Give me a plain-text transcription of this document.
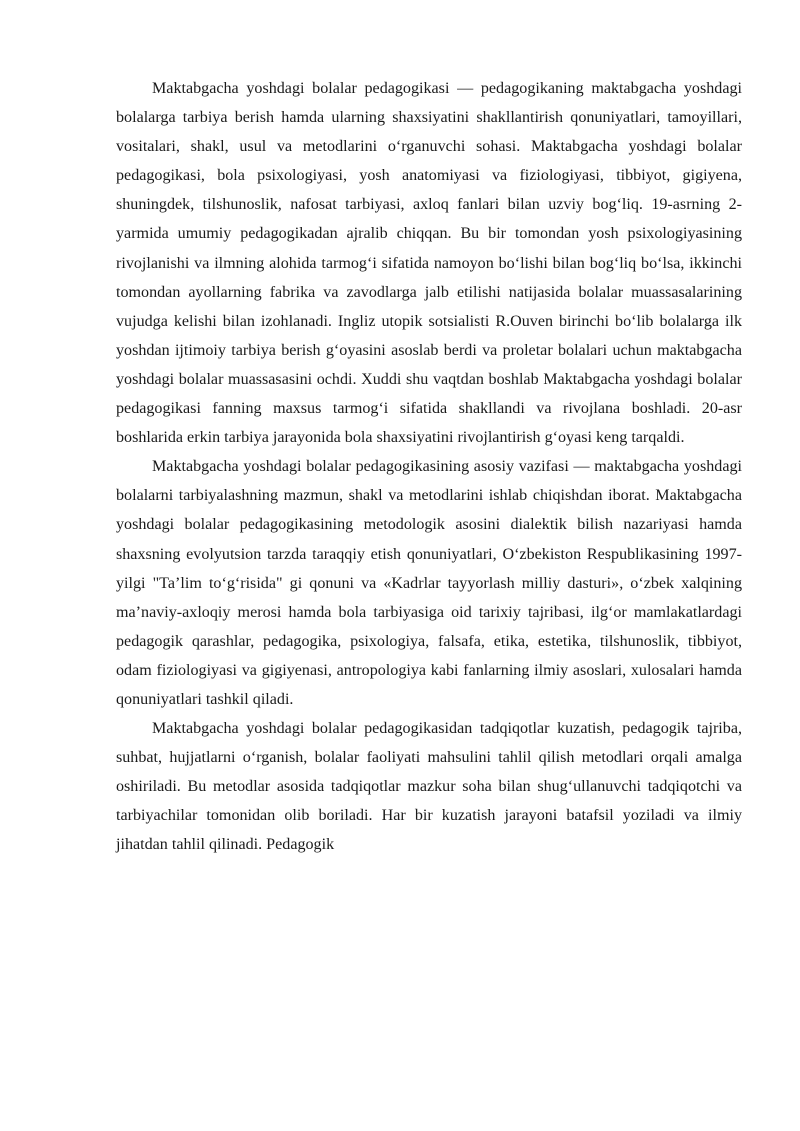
Maktabgacha yoshdagi bolalar pedagogikasi — pedagogikaning maktabgacha yoshdagi bolalarga tarbiya berish hamda ularning shaxsiyatini shakllantirish qonuniyatlari, tamoyillari, vositalari, shakl, usul va metodlarini o‘rganuvchi sohasi. Maktabgacha yoshdagi bolalar pedagogikasi, bola psixologiyasi, yosh anatomiyasi va fiziologiyasi, tibbiyot, gigiyena, shuningdek, tilshunoslik, nafosat tarbiyasi, axloq fanlari bilan uzviy bog‘liq. 19-asrning 2-yarmida umumiy pedagogikadan ajralib chiqqan. Bu bir tomondan yosh psixologiyasining rivojlanishi va ilmning alohida tarmog‘i sifatida namoyon bo‘lishi bilan bog‘liq bo‘lsa, ikkinchi tomondan ayollarning fabrika va zavodlarga jalb etilishi natijasida bolalar muassasalarining vujudga kelishi bilan izohlanadi. Ingliz utopik sotsialisti R.Ouven birinchi bo‘lib bolalarga ilk yoshdan ijtimoiy tarbiya berish g‘oyasini asoslab berdi va proletar bolalari uchun maktabgacha yoshdagi bolalar muassasasini ochdi. Xuddi shu vaqtdan boshlab Maktabgacha yoshdagi bolalar pedagogikasi fanning maxsus tarmog‘i sifatida shakllandi va rivojlana boshladi. 20-asr boshlarida erkin tarbiya jarayonida bola shaxsiyatini rivojlantirish g‘oyasi keng tarqaldi.

Maktabgacha yoshdagi bolalar pedagogikasining asosiy vazifasi — maktabgacha yoshdagi bolalarni tarbiyalashning mazmun, shakl va metodlarini ishlab chiqishdan iborat. Maktabgacha yoshdagi bolalar pedagogikasining metodologik asosini dialektik bilish nazariyasi hamda shaxsning evolyutsion tarzda taraqqiy etish qonuniyatlari, O‘zbekiston Respublikasining 1997-yilgi "Ta’lim to‘g‘risida" gi qonuni va «Kadrlar tayyorlash milliy dasturi», o‘zbek xalqining ma’naviy-axloqiy merosi hamda bola tarbiyasiga oid tarixiy tajribasi, ilg‘or mamlakatlardagi pedagogik qarashlar, pedagogika, psixologiya, falsafa, etika, estetika, tilshunoslik, tibbiyot, odam fiziologiyasi va gigiyenasi, antropologiya kabi fanlarning ilmiy asoslari, xulosalari hamda qonuniyatlari tashkil qiladi.

Maktabgacha yoshdagi bolalar pedagogikasidan tadqiqotlar kuzatish, pedagogik tajriba, suhbat, hujjatlarni o‘rganish, bolalar faoliyati mahsulini tahlil qilish metodlari orqali amalga oshiriladi. Bu metodlar asosida tadqiqotlar mazkur soha bilan shug‘ullanuvchi tadqiqotchi va tarbiyachilar tomonidan olib boriladi. Har bir kuzatish jarayoni batafsil yoziladi va ilmiy jihatdan tahlil qilinadi. Pedagogik
